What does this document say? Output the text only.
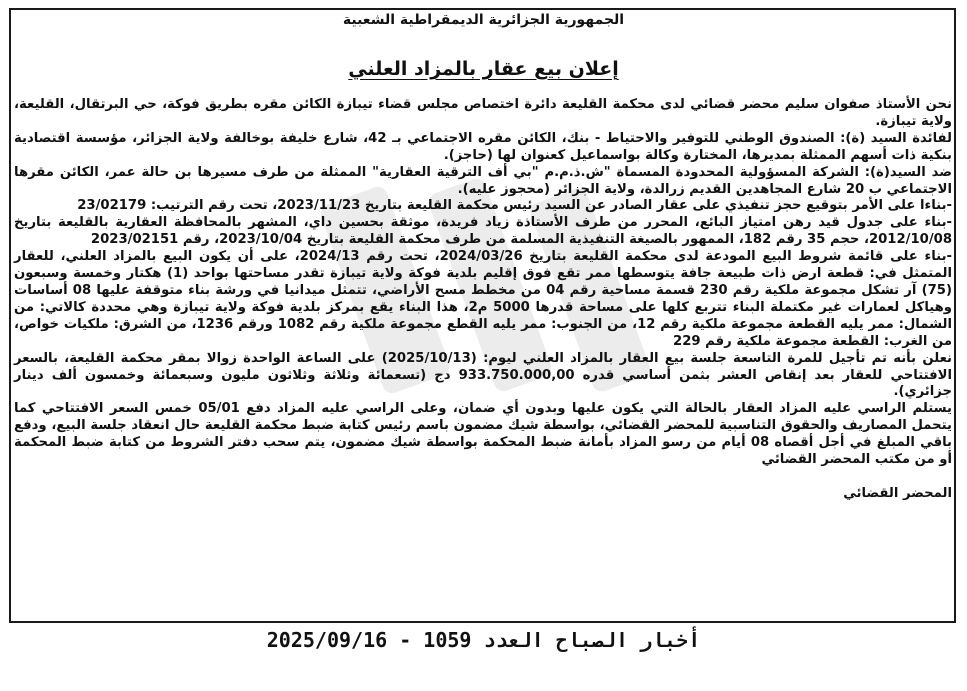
الجمهورية الجزائرية الديمقراطية الشعبية
إعلان بيع عقار بالمزاد العلني

نحن الأستاذ صفوان سليم محضر قضائي لدى محكمة القليعة دائرة اختصاص مجلس قضاء تيبازة الكائن مقره بطريق فوكة، حي البرتقال، القليعة، ولاية تيبازة.

لفائدة السيد (ة): الصندوق الوطني للتوفير والاحتياط - بنك، الكائن مقره الاجتماعي بـ 42، شارع خليفة بوخالفة ولاية الجزائر، مؤسسة اقتصادية بنكية ذات أسهم الممثلة بمديرها، المختارة وكالة بواسماعيل كعنوان لها (حاجز).

ضد السيد(ة): الشركة المسؤولية المحدودة المسماة "ش.ذ.م.م "بي أف الترقية العقارية" الممثلة من طرف مسيرها بن حالة عمر، الكائن مقرها الاجتماعي ب 20 شارع المجاهدين القديم زرالدة، ولاية الجزائر (محجوز عليه).

-بناءا على الأمر بتوقيع حجز تنفيذي على عقار الصادر عن السيد رئيس محكمة القليعة بتاريخ 2023/11/23، تحت رقم الترتيب: 23/02179

-بناء على جدول قيد رهن امتياز البائع، المحرر من طرف الأستاذة زياد فريدة، موثقة بحسين داي، المشهر بالمحافظة العقارية بالقليعة بتاريخ 2012/10/08، حجم 35 رقم 182، الممهور بالصيغة التنفيذية المسلمة من طرف محكمة القليعة بتاريخ 2023/10/04، رقم 2023/02151

-بناء على قائمة شروط البيع المودعة لدى محكمة القليعة بتاريخ 2024/03/26، تحت رقم 2024/13، على أن يكون البيع بالمزاد العلني، للعقار المتمثل في: قطعة ارض ذات طبيعة جافة يتوسطها ممر تقع فوق إقليم بلدية فوكة ولاية تيبازة تقدر مساحتها بواحد (1) هكتار وخمسة وسبعون (75) آر تشكل مجموعة ملكية رقم 230 قسمة مساحية رقم 04 من مخطط مسح الأراضي، تتمثل ميدانيا في ورشة بناء متوقفة عليها 08 أساسات وهياكل لعمارات غير مكتملة البناء تتربع كلها على مساحة قدرها 5000 م2، هذا البناء يقع بمركز بلدية فوكة ولاية تيبازة وهي محددة كالاتي: من الشمال: ممر يليه القطعة مجموعة ملكية رقم 12، من الجنوب: ممر يليه القطع مجموعة ملكية رقم 1082 ورقم 1236، من الشرق: ملكيات خواص، من الغرب: القطعة مجموعة ملكية رقم 229

نعلن بأنه تم تأجيل للمرة التاسعة جلسة بيع العقار بالمزاد العلني ليوم: (2025/10/13) على الساعة الواحدة زوالا بمقر محكمة القليعة، بالسعر الافتتاحي للعقار بعد إنقاص العشر بثمن أساسي قدره 933.750.000,00 دج (تسعمائة وثلاثة وثلاثون مليون وسبعمائة وخمسون ألف دينار جزائري).

يستلم الراسي عليه المزاد العقار بالحالة التي يكون عليها وبدون أي ضمان، وعلى الراسي عليه المزاد دفع 05/01 خمس السعر الافتتاحي كما يتحمل المصاريف والحقوق التناسبية للمحضر القضائي، بواسطة شيك مضمون باسم رئيس كتابة ضبط محكمة القليعة حال انعقاد جلسة البيع، ودفع باقي المبلغ في أجل أقصاه 08 أيام من رسو المزاد بأمانة ضبط المحكمة بواسطة شيك مضمون، يتم سحب دفتر الشروط من كتابة ضبط المحكمة أو من مكتب المحضر القضائي

المحضر القضائي

أخبار الصباح العدد 1059 - 2025/09/16
